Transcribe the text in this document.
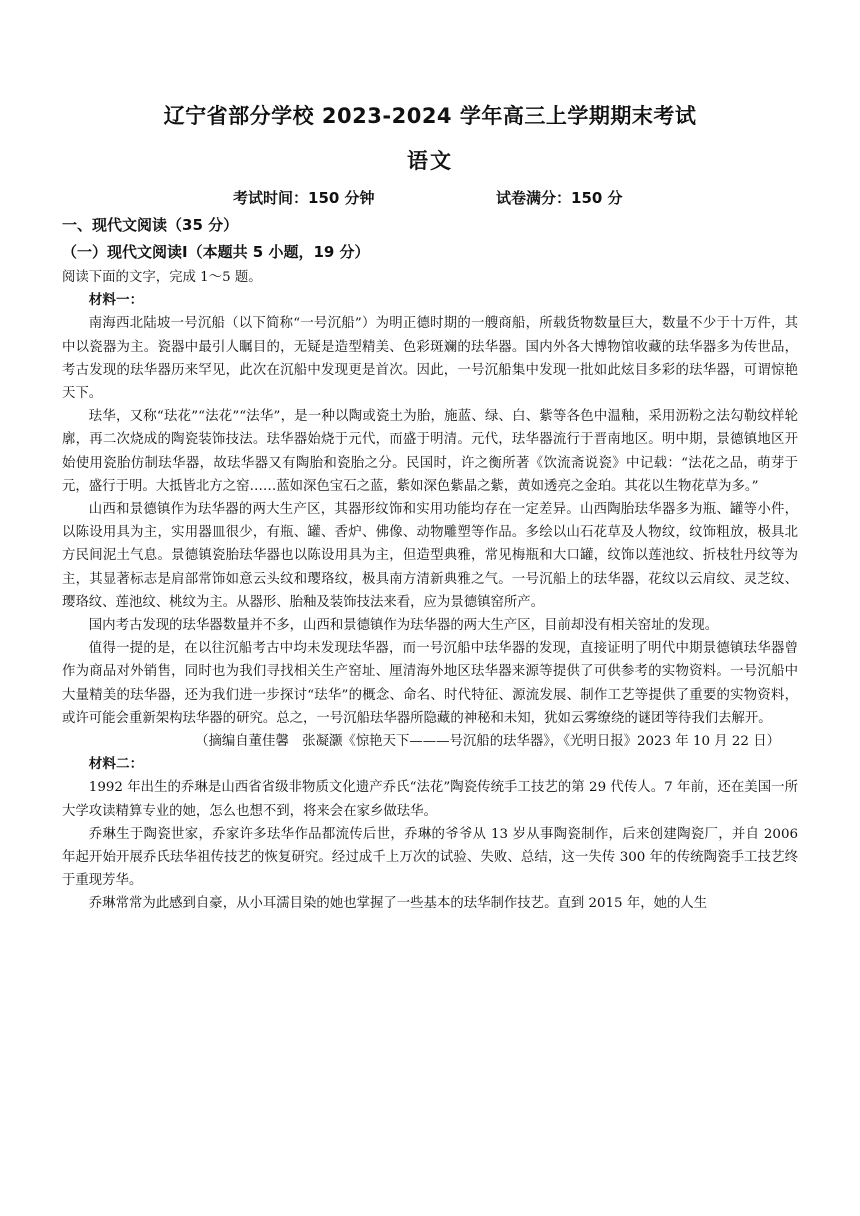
辽宁省部分学校 2023-2024 学年高三上学期期末考试
语文
考试时间：150 分钟	试卷满分：150 分
一、现代文阅读（35 分）
（一）现代文阅读Ⅰ（本题共 5 小题，19 分）

阅读下面的文字，完成 1～5 题。

材料一：

南海西北陆坡一号沉船（以下简称“一号沉船”）为明正德时期的一艘商船，所载货物数量巨大，数量不少于十万件，其中以瓷器为主。瓷器中最引人瞩目的，无疑是造型精美、色彩斑斓的珐华器。国内外各大博物馆收藏的珐华器多为传世品，考古发现的珐华器历来罕见，此次在沉船中发现更是首次。因此，一号沉船集中发现一批如此炫目多彩的珐华器，可谓惊艳天下。

珐华，又称“珐花”“法花”“法华”，是一种以陶或瓷土为胎，施蓝、绿、白、紫等各色中温釉，采用沥粉之法勾勒纹样轮廓，再二次烧成的陶瓷装饰技法。珐华器始烧于元代，而盛于明清。元代，珐华器流行于晋南地区。明中期，景德镇地区开始使用瓷胎仿制珐华器，故珐华器又有陶胎和瓷胎之分。民国时，许之衡所著《饮流斋说瓷》中记载：“法花之品，萌芽于元，盛行于明。大抵皆北方之窑……蓝如深色宝石之蓝，紫如深色紫晶之紫，黄如透亮之金珀。其花以生物花草为多。”

山西和景德镇作为珐华器的两大生产区，其器形纹饰和实用功能均存在一定差异。山西陶胎珐华器多为瓶、罐等小件，以陈设用具为主，实用器皿很少，有瓶、罐、香炉、佛像、动物雕塑等作品。多绘以山石花草及人物纹，纹饰粗放，极具北方民间泥土气息。景德镇瓷胎珐华器也以陈设用具为主，但造型典雅，常见梅瓶和大口罐，纹饰以莲池纹、折枝牡丹纹等为主，其显著标志是肩部常饰如意云头纹和璎珞纹，极具南方清新典雅之气。一号沉船上的珐华器，花纹以云肩纹、灵芝纹、璎珞纹、莲池纹、桃纹为主。从器形、胎釉及装饰技法来看，应为景德镇窑所产。

国内考古发现的珐华器数量并不多，山西和景德镇作为珐华器的两大生产区，目前却没有相关窑址的发现。

值得一提的是，在以往沉船考古中均未发现珐华器，而一号沉船中珐华器的发现，直接证明了明代中期景德镇珐华器曾作为商品对外销售，同时也为我们寻找相关生产窑址、厘清海外地区珐华器来源等提供了可供参考的实物资料。一号沉船中大量精美的珐华器，还为我们进一步探讨“珐华”的概念、命名、时代特征、源流发展、制作工艺等提供了重要的实物资料，或许可能会重新架构珐华器的研究。总之，一号沉船珐华器所隐藏的神秘和未知，犹如云雾缭绕的谜团等待我们去解开。

（摘编自董佳馨　张凝灏《惊艳天下———号沉船的珐华器》，《光明日报》2023 年 10 月 22 日）

材料二：

1992 年出生的乔琳是山西省省级非物质文化遗产乔氏“法花”陶瓷传统手工技艺的第 29 代传人。7 年前，还在美国一所大学攻读精算专业的她，怎么也想不到，将来会在家乡做珐华。

乔琳生于陶瓷世家，乔家许多珐华作品都流传后世，乔琳的爷爷从 13 岁从事陶瓷制作，后来创建陶瓷厂，并自 2006 年起开始开展乔氏珐华祖传技艺的恢复研究。经过成千上万次的试验、失败、总结，这一失传 300 年的传统陶瓷手工技艺终于重现芳华。

乔琳常常为此感到自豪，从小耳濡目染的她也掌握了一些基本的珐华制作技艺。直到 2015 年，她的人生
